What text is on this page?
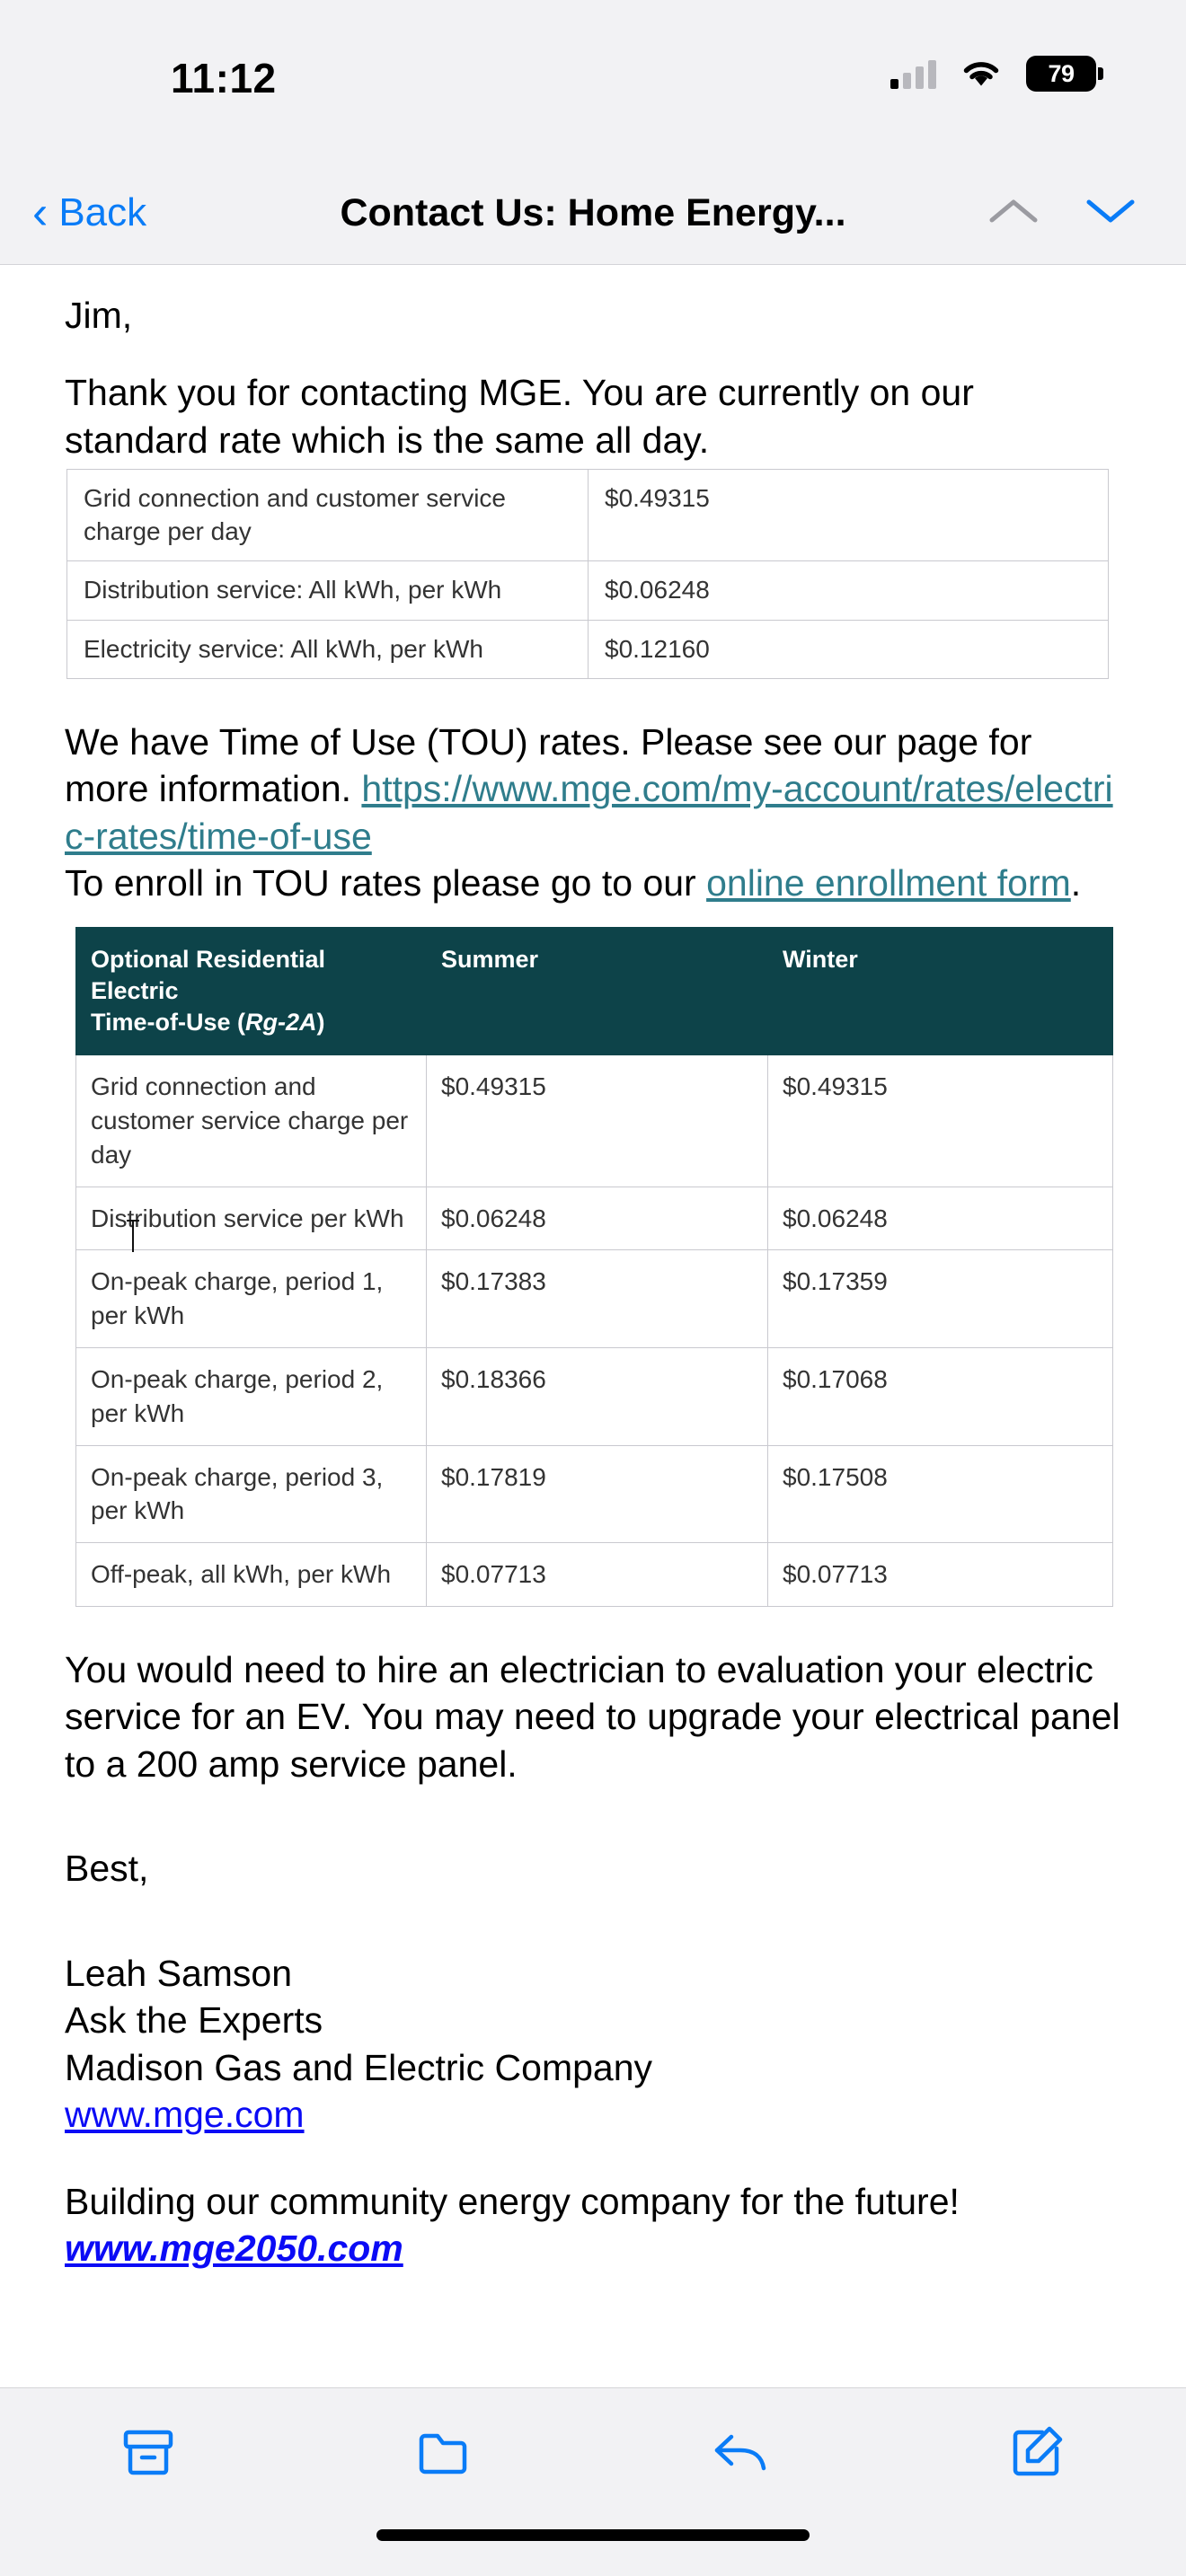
11:12	79
‹ Back	Contact Us: Home Energy...

Jim,

Thank you for contacting MGE. You are currently on our standard rate which is the same all day.

Grid connection and customer service charge per day	$0.49315
Distribution service: All kWh, per kWh	$0.06248
Electricity service: All kWh, per kWh	$0.12160

We have Time of Use (TOU) rates. Please see our page for more information. https://www.mge.com/my-account/rates/electric-rates/time-of-use

To enroll in TOU rates please go to our online enrollment form.

Optional Residential Electric
Time-of-Use (Rg-2A)	Summer	Winter
Grid connection and customer service charge per day	$0.49315	$0.49315
Distribution service per kWh	$0.06248	$0.06248
On-peak charge, period 1, per kWh	$0.17383	$0.17359
On-peak charge, period 2, per kWh	$0.18366	$0.17068
On-peak charge, period 3, per kWh	$0.17819	$0.17508
Off-peak, all kWh, per kWh	$0.07713	$0.07713

You would need to hire an electrician to evaluation your electric service for an EV. You may need to upgrade your electrical panel to a 200 amp service panel.

Best,

Leah Samson

Ask the Experts

Madison Gas and Electric Company

www.mge.com

Building our community energy company for the future!

www.mge2050.com
